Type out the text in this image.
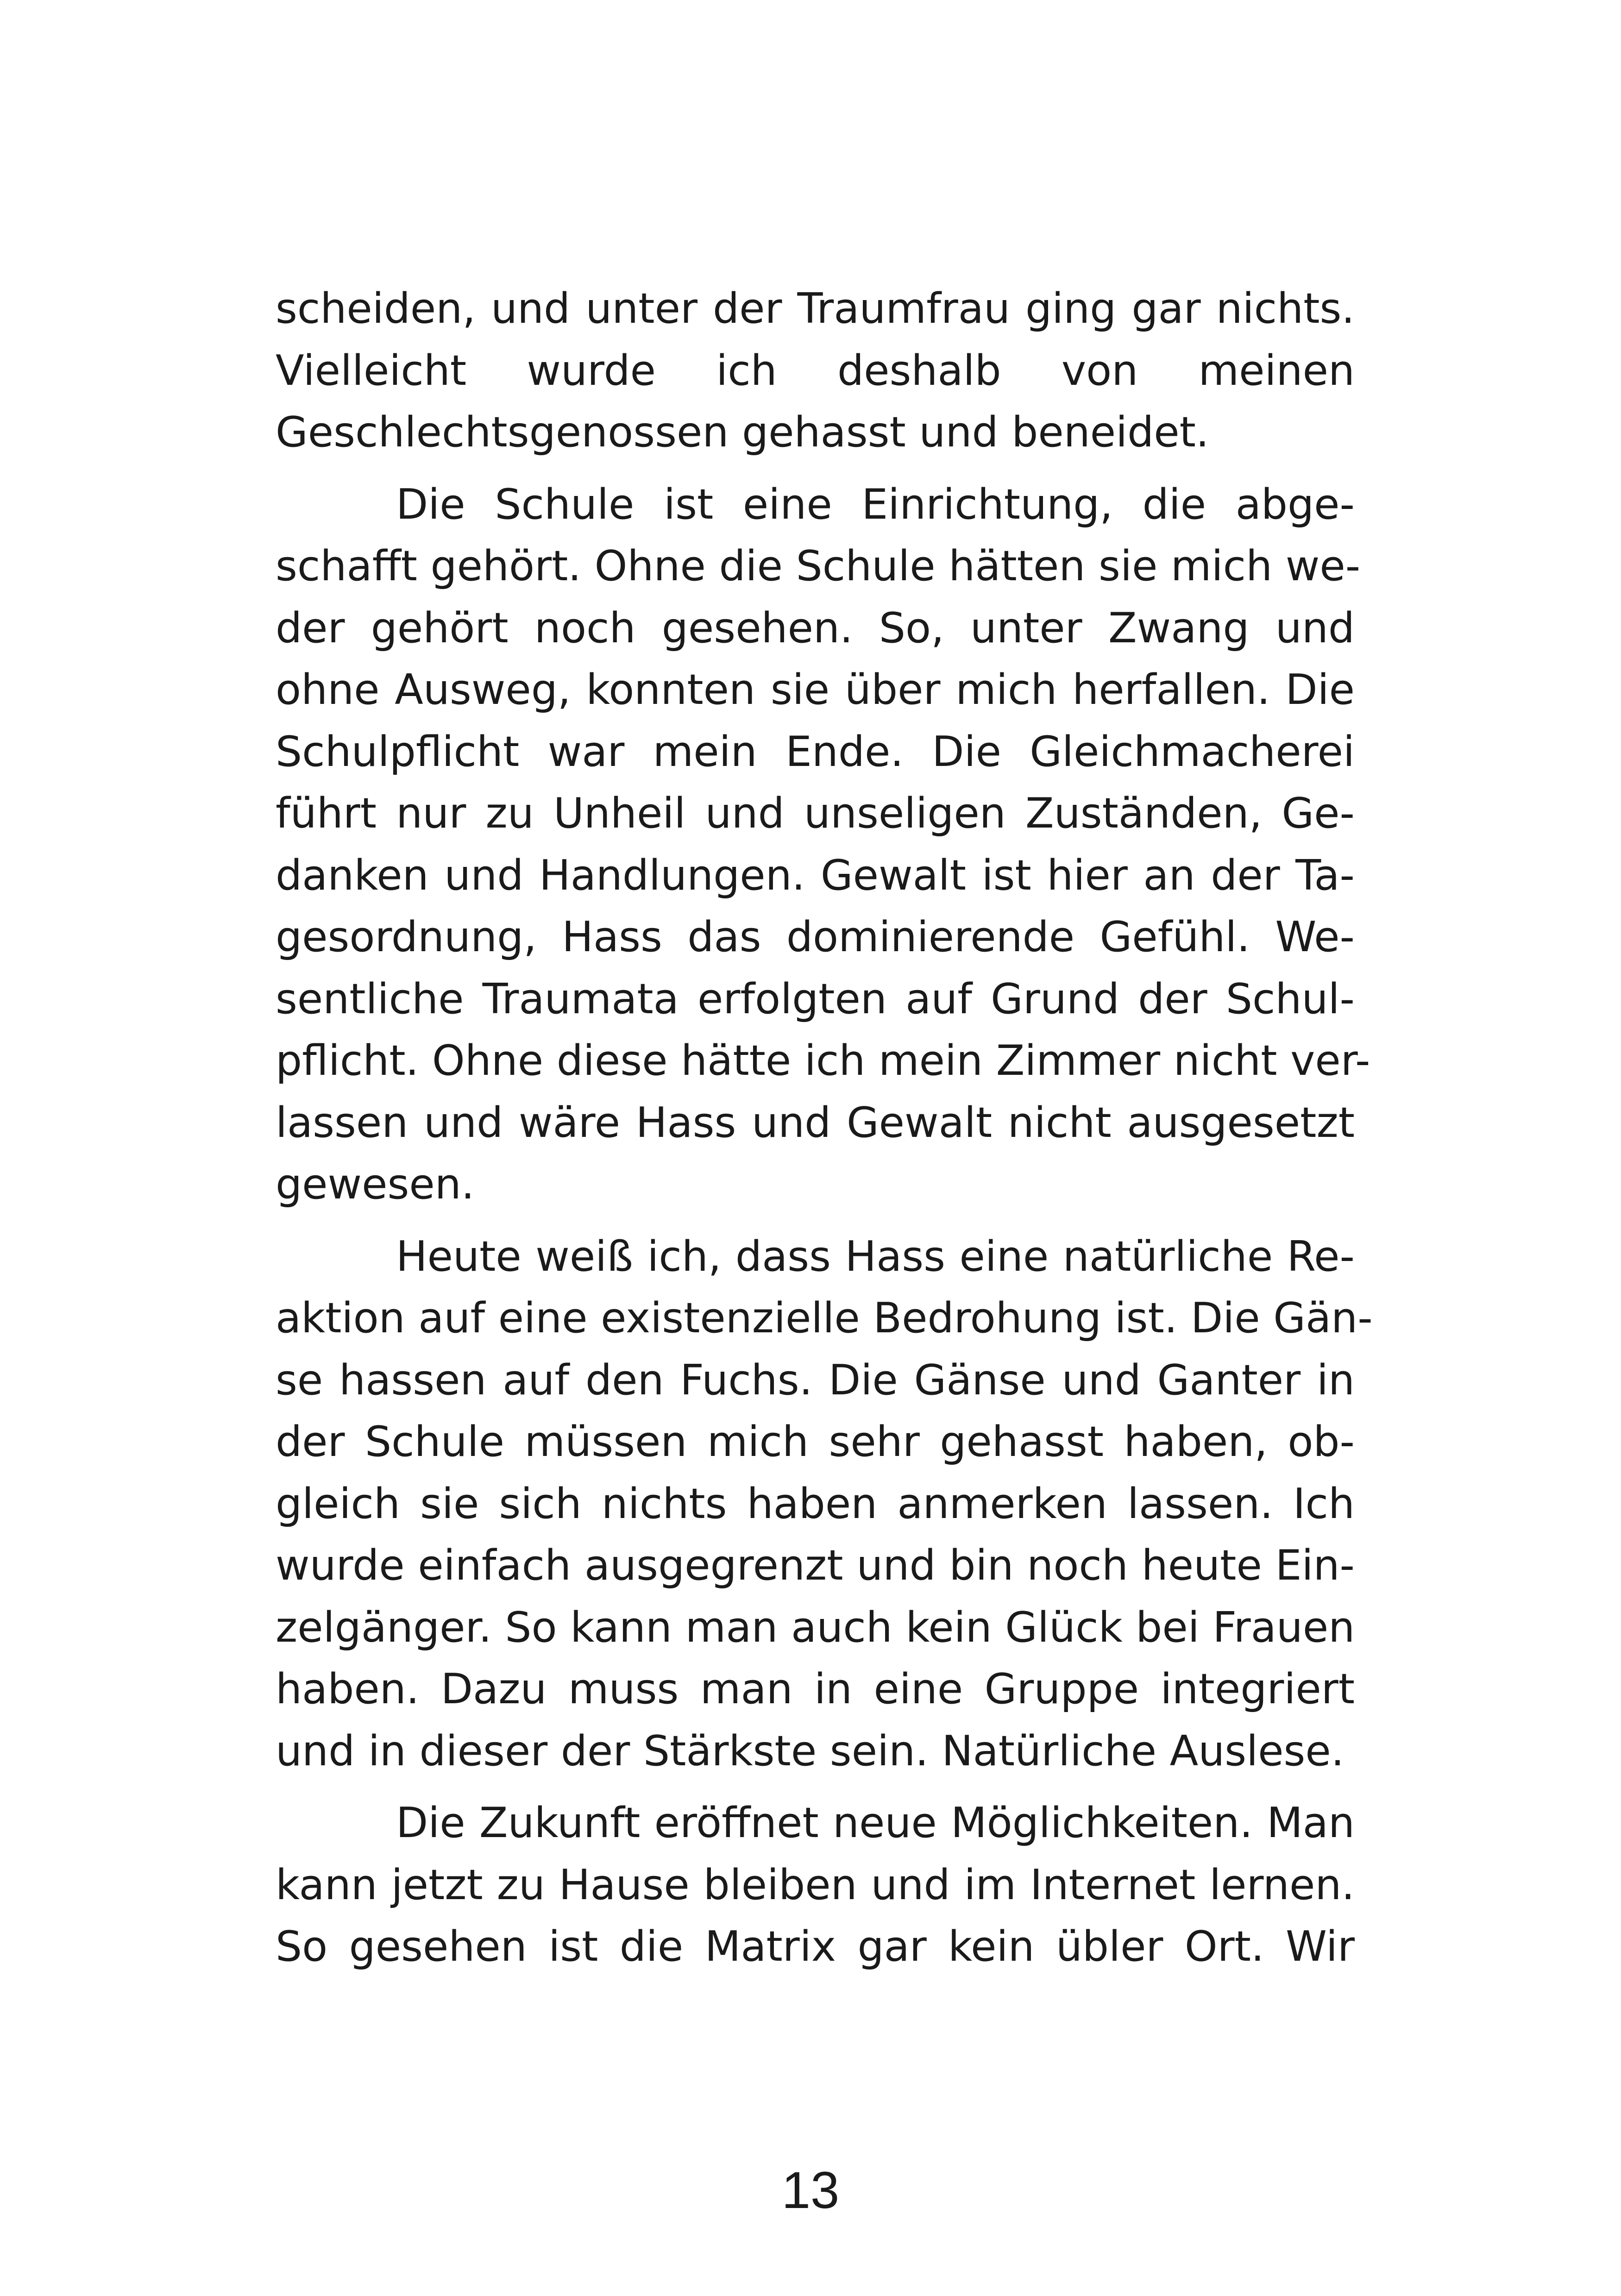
scheiden, und unter der Traumfrau ging gar nichts.
Vielleicht wurde ich deshalb von meinen
Geschlechtsgenossen gehasst und beneidet.
Die Schule ist eine Einrichtung, die abge-
schafft gehört. Ohne die Schule hätten sie mich we-
der gehört noch gesehen. So, unter Zwang und
ohne Ausweg, konnten sie über mich herfallen. Die
Schulpflicht war mein Ende. Die Gleichmacherei
führt nur zu Unheil und unseligen Zuständen, Ge-
danken und Handlungen. Gewalt ist hier an der Ta-
gesordnung, Hass das dominierende Gefühl. We-
sentliche Traumata erfolgten auf Grund der Schul-
pflicht. Ohne diese hätte ich mein Zimmer nicht ver-
lassen und wäre Hass und Gewalt nicht ausgesetzt
gewesen.
Heute weiß ich, dass Hass eine natürliche Re-
aktion auf eine existenzielle Bedrohung ist. Die Gän-
se hassen auf den Fuchs. Die Gänse und Ganter in
der Schule müssen mich sehr gehasst haben, ob-
gleich sie sich nichts haben anmerken lassen. Ich
wurde einfach ausgegrenzt und bin noch heute Ein-
zelgänger. So kann man auch kein Glück bei Frauen
haben. Dazu muss man in eine Gruppe integriert
und in dieser der Stärkste sein. Natürliche Auslese.
Die Zukunft eröffnet neue Möglichkeiten. Man
kann jetzt zu Hause bleiben und im Internet lernen.
So gesehen ist die Matrix gar kein übler Ort. Wir
13
